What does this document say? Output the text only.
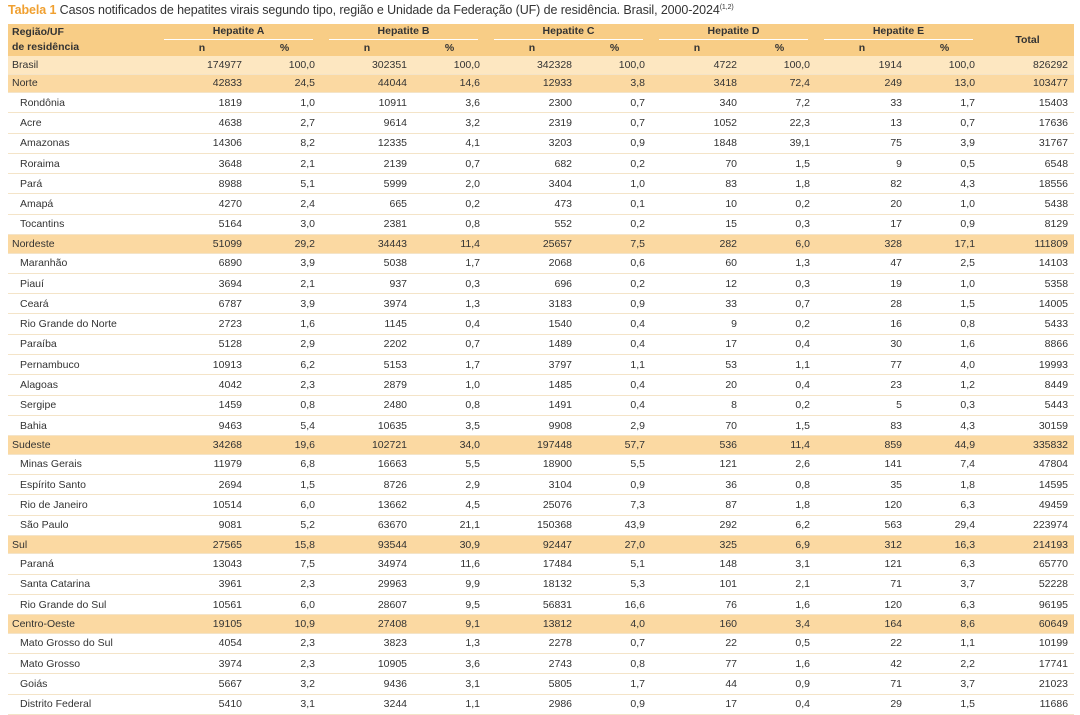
Tabela 1 Casos notificados de hepatites virais segundo tipo, região e Unidade da Federação (UF) de residência. Brasil, 2000-2024$^{(1,2)}$
Região/UF
de residência	Hepatite A		Hepatite B		Hepatite C		Hepatite D		Hepatite E		Total
	n	%	n	%	n	%	n	%	n	%	
Brasil	174977	100,0	302351	100,0	342328	100,0	4722	100,0	1914	100,0	826292
Norte	42833	24,5	44044	14,6	12933	3,8	3418	72,4	249	13,0	103477
Rondônia	1819	1,0	10911	3,6	2300	0,7	340	7,2	33	1,7	15403
Acre	4638	2,7	9614	3,2	2319	0,7	1052	22,3	13	0,7	17636
Amazonas	14306	8,2	12335	4,1	3203	0,9	1848	39,1	75	3,9	31767
Roraima	3648	2,1	2139	0,7	682	0,2	70	1,5	9	0,5	6548
Pará	8988	5,1	5999	2,0	3404	1,0	83	1,8	82	4,3	18556
Amapá	4270	2,4	665	0,2	473	0,1	10	0,2	20	1,0	5438
Tocantins	5164	3,0	2381	0,8	552	0,2	15	0,3	17	0,9	8129
Nordeste	51099	29,2	34443	11,4	25657	7,5	282	6,0	328	17,1	111809
Maranhão	6890	3,9	5038	1,7	2068	0,6	60	1,3	47	2,5	14103
Piauí	3694	2,1	937	0,3	696	0,2	12	0,3	19	1,0	5358
Ceará	6787	3,9	3974	1,3	3183	0,9	33	0,7	28	1,5	14005
Rio Grande do Norte	2723	1,6	1145	0,4	1540	0,4	9	0,2	16	0,8	5433
Paraíba	5128	2,9	2202	0,7	1489	0,4	17	0,4	30	1,6	8866
Pernambuco	10913	6,2	5153	1,7	3797	1,1	53	1,1	77	4,0	19993
Alagoas	4042	2,3	2879	1,0	1485	0,4	20	0,4	23	1,2	8449
Sergipe	1459	0,8	2480	0,8	1491	0,4	8	0,2	5	0,3	5443
Bahia	9463	5,4	10635	3,5	9908	2,9	70	1,5	83	4,3	30159
Sudeste	34268	19,6	102721	34,0	197448	57,7	536	11,4	859	44,9	335832
Minas Gerais	11979	6,8	16663	5,5	18900	5,5	121	2,6	141	7,4	47804
Espírito Santo	2694	1,5	8726	2,9	3104	0,9	36	0,8	35	1,8	14595
Rio de Janeiro	10514	6,0	13662	4,5	25076	7,3	87	1,8	120	6,3	49459
São Paulo	9081	5,2	63670	21,1	150368	43,9	292	6,2	563	29,4	223974
Sul	27565	15,8	93544	30,9	92447	27,0	325	6,9	312	16,3	214193
Paraná	13043	7,5	34974	11,6	17484	5,1	148	3,1	121	6,3	65770
Santa Catarina	3961	2,3	29963	9,9	18132	5,3	101	2,1	71	3,7	52228
Rio Grande do Sul	10561	6,0	28607	9,5	56831	16,6	76	1,6	120	6,3	96195
Centro-Oeste	19105	10,9	27408	9,1	13812	4,0	160	3,4	164	8,6	60649
Mato Grosso do Sul	4054	2,3	3823	1,3	2278	0,7	22	0,5	22	1,1	10199
Mato Grosso	3974	2,3	10905	3,6	2743	0,8	77	1,6	42	2,2	17741
Goiás	5667	3,2	9436	3,1	5805	1,7	44	0,9	71	3,7	21023
Distrito Federal	5410	3,1	3244	1,1	2986	0,9	17	0,4	29	1,5	11686
